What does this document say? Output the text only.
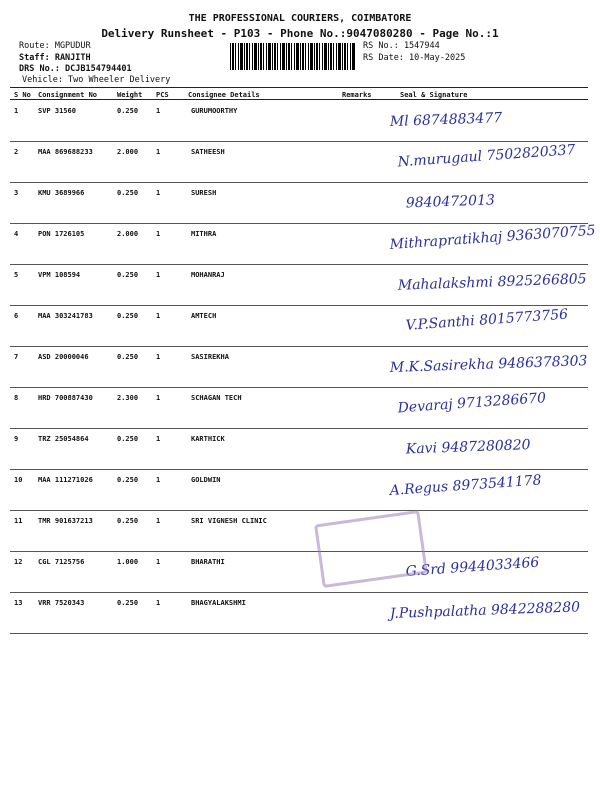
THE PROFESSIONAL COURIERS, COIMBATORE
Delivery Runsheet - P103 - Phone No.:9047080280 - Page No.:1
Route: MGPUDUR
Staff: RANJITH
DRS No.: DCJB154794401
Vehicle: Two Wheeler Delivery
RS No.: 1547944
RS Date: 10-May-2025
S No Consignment No	Weight PCS	Consignee Details	Remarks	Seal & Signature
1	SVP 31560	0.250	1	GURUMOORTHY	Ml 6874883477
2	MAA 869688233	2.000	1	SATHEESH	N.murugaul 7502820337
3	KMU 3689966	0.250	1	SURESH	9840472013
4	PON 1726105	2.000	1	MITHRA	Mithrapratikhaj 9363070755
5	VPM 108594	0.250	1	MOHANRAJ	Mahalakshmi 8925266805
6	MAA 303241783	0.250	1	AMTECH	V.P.Santhi 8015773756
7	ASD 20000046	0.250	1	SASIREKHA	M.K.Sasirekha 9486378303
8	HRD 700887430	2.300	1	SCHAGAN TECH	Devaraj 9713286670
9	TRZ 25054864	0.250	1	KARTHICK	Kavi 9487280820
10 MAA 111271026	0.250	1	GOLDWIN	A.Regus 8973541178
11 TMR 901637213	0.250	1	SRI VIGNESH CLINIC
12 CGL 7125756	1.000	1	BHARATHI	G.Srd 9944033466
13 VRR 7520343	0.250	1	BHAGYALAKSHMI	J.Pushpalatha 9842288280
